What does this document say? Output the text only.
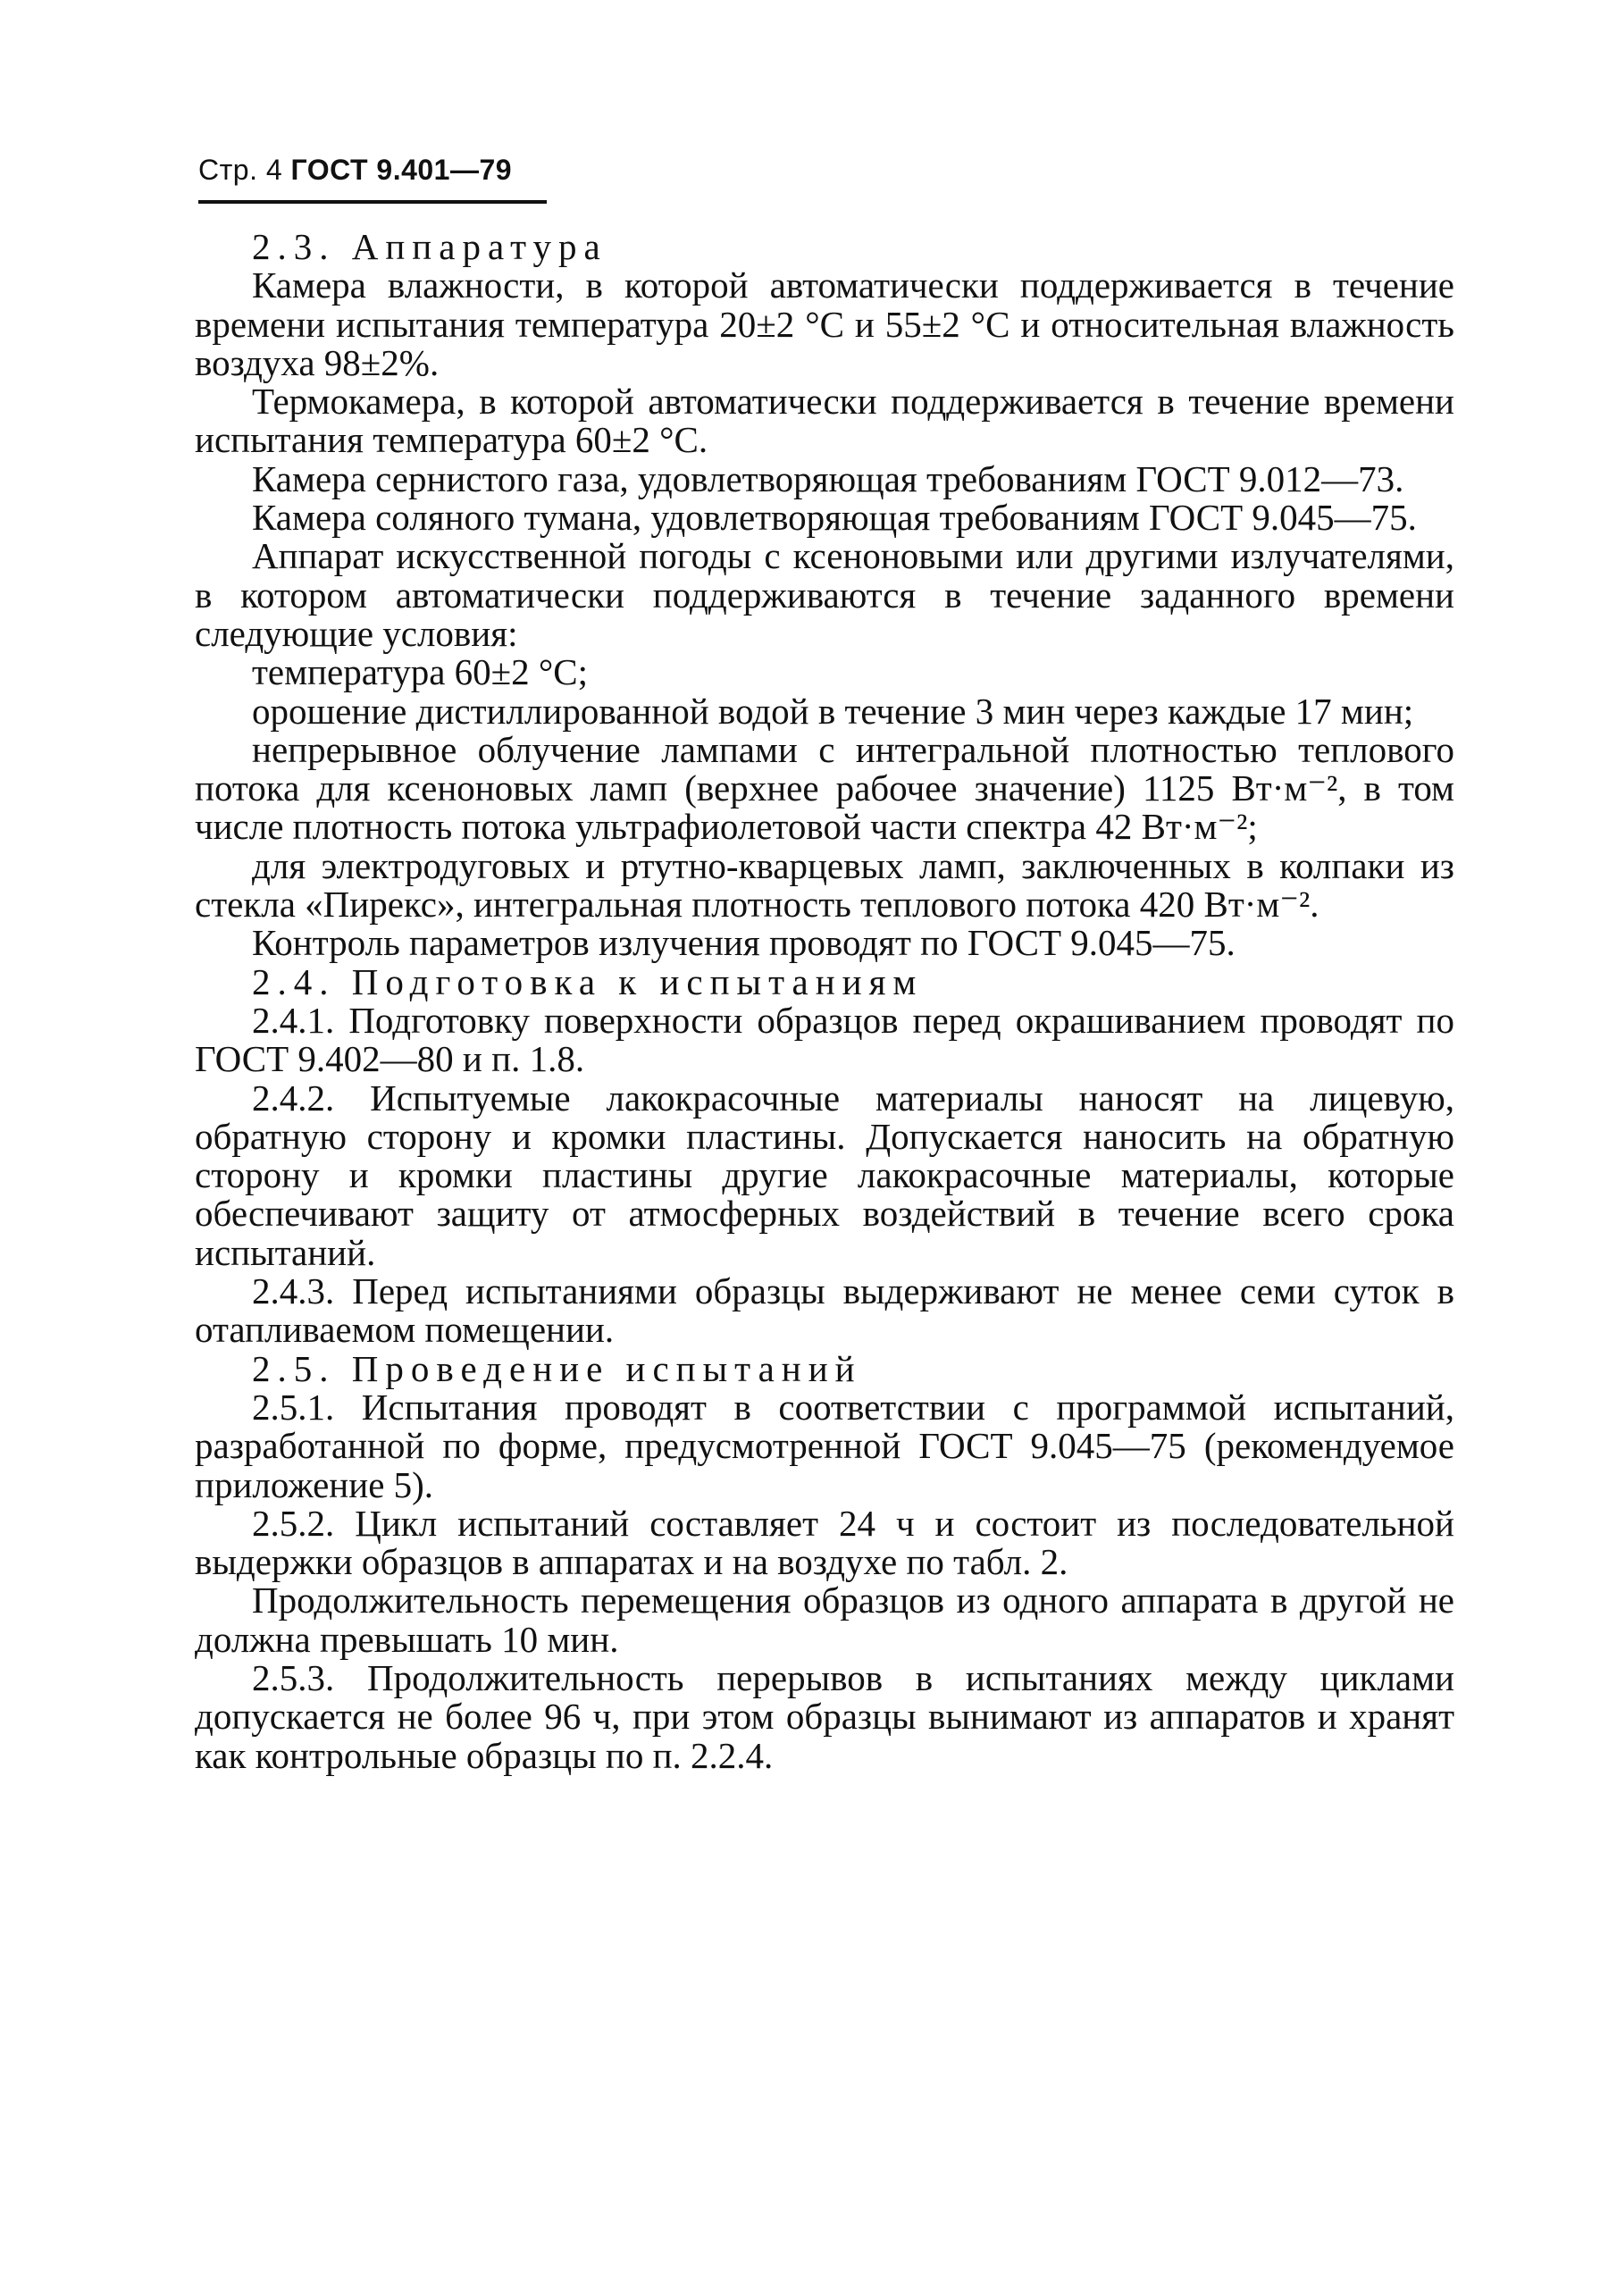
Стр. 4 ГОСТ 9.401—79

2.3. Аппаратура

Камера влажности, в которой автоматически поддерживается в течение времени испытания температура 20±2 °С и 55±2 °С и относительная влажность воздуха 98±2%.

Термокамера, в которой автоматически поддерживается в течение времени испытания температура 60±2 °С.

Камера сернистого газа, удовлетворяющая требованиям ГОСТ 9.012—73.

Камера соляного тумана, удовлетворяющая требованиям ГОСТ 9.045—75.

Аппарат искусственной погоды с ксеноновыми или другими излучателями, в котором автоматически поддерживаются в течение заданного времени следующие условия:

температура 60±2 °С;

орошение дистиллированной водой в течение 3 мин через каждые 17 мин;

непрерывное облучение лампами с интегральной плотностью теплового потока для ксеноновых ламп (верхнее рабочее значение) 1125 Вт·м⁻², в том числе плотность потока ультрафиолетовой части спектра 42 Вт·м⁻²;

для электродуговых и ртутно-кварцевых ламп, заключенных в колпаки из стекла «Пирекс», интегральная плотность теплового потока 420 Вт·м⁻².

Контроль параметров излучения проводят по ГОСТ 9.045—75.

2.4. Подготовка к испытаниям

2.4.1. Подготовку поверхности образцов перед окрашиванием проводят по ГОСТ 9.402—80 и п. 1.8.

2.4.2. Испытуемые лакокрасочные материалы наносят на лицевую, обратную сторону и кромки пластины. Допускается наносить на обратную сторону и кромки пластины другие лакокрасочные материалы, которые обеспечивают защиту от атмосферных воздействий в течение всего срока испытаний.

2.4.3. Перед испытаниями образцы выдерживают не менее семи суток в отапливаемом помещении.

2.5. Проведение испытаний

2.5.1. Испытания проводят в соответствии с программой испытаний, разработанной по форме, предусмотренной ГОСТ 9.045—75 (рекомендуемое приложение 5).

2.5.2. Цикл испытаний составляет 24 ч и состоит из последовательной выдержки образцов в аппаратах и на воздухе по табл. 2.

Продолжительность перемещения образцов из одного аппарата в другой не должна превышать 10 мин.

2.5.3. Продолжительность перерывов в испытаниях между циклами допускается не более 96 ч, при этом образцы вынимают из аппаратов и хранят как контрольные образцы по п. 2.2.4.
